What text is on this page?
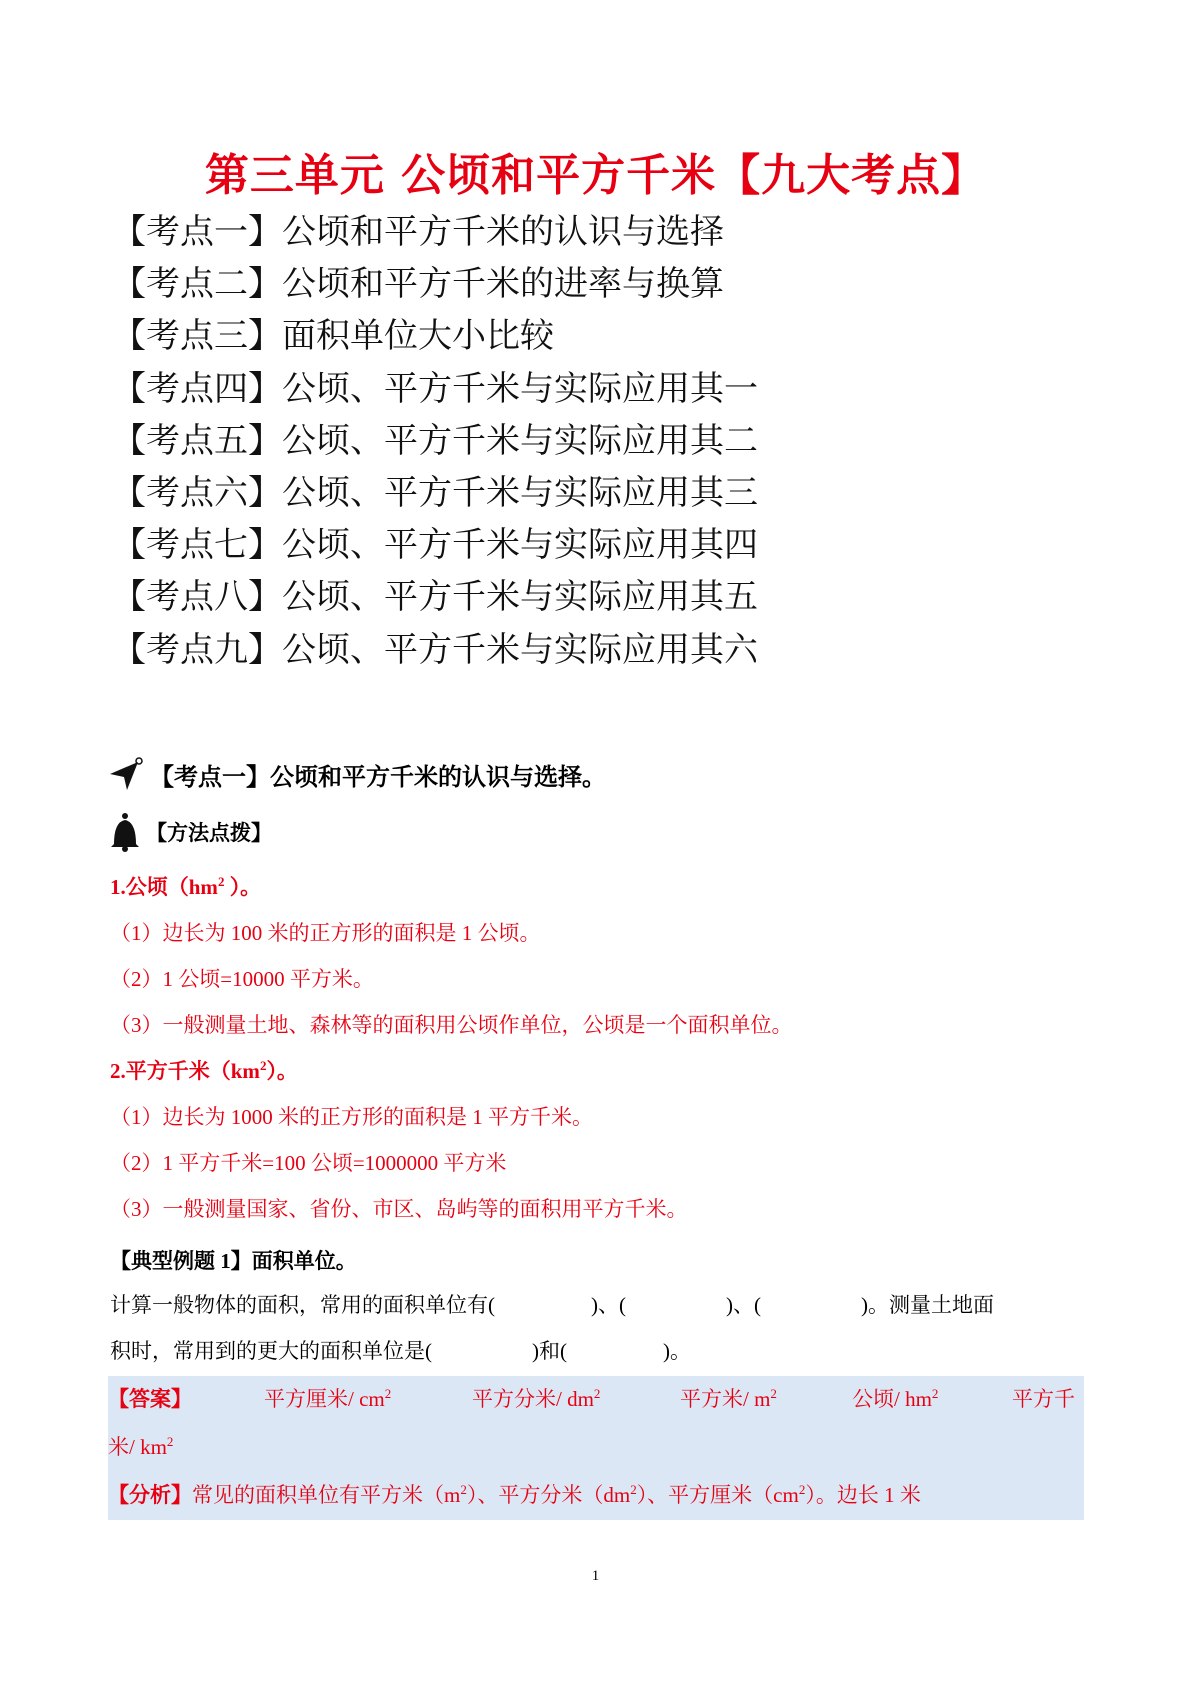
第三单元 公顷和平方千米【九大考点】
【考点一】公顷和平方千米的认识与选择
【考点二】公顷和平方千米的进率与换算
【考点三】面积单位大小比较
【考点四】公顷、平方千米与实际应用其一
【考点五】公顷、平方千米与实际应用其二
【考点六】公顷、平方千米与实际应用其三
【考点七】公顷、平方千米与实际应用其四
【考点八】公顷、平方千米与实际应用其五
【考点九】公顷、平方千米与实际应用其六
【考点一】公顷和平方千米的认识与选择。
【方法点拨】
1.公顷（$hm^2$ ）。
（1）边长为 100 米的正方形的面积是 1 公顷。
（2）1 公顷=10000 平方米。
（3）一般测量土地、森林等的面积用公顷作单位，公顷是一个面积单位。
2.平方千米$(km^2)$。
（1）边长为 1000 米的正方形的面积是 1 平方千米。
（2）1 平方千米=100 公顷=1000000 平方米
（3）一般测量国家、省份、市区、岛屿等的面积用平方千米。
【典型例题 1】面积单位。
计算一般物体的面积，常用的面积单位有(	)、(	)、(	)。测量土地面
积时，常用到的更大的面积单位是(	)和(	)。
【答案】	平方厘米/ $cm^2$	平方分米/ $dm^2$	平方米/ $m^2$	公顷/ $hm^2$	平方千
米/ $km^2$
【分析】常见的面积单位有平方米$(m^2)$、平方分米$(dm^2)$、平方厘米$(cm^2)$。边长 1 米
1
